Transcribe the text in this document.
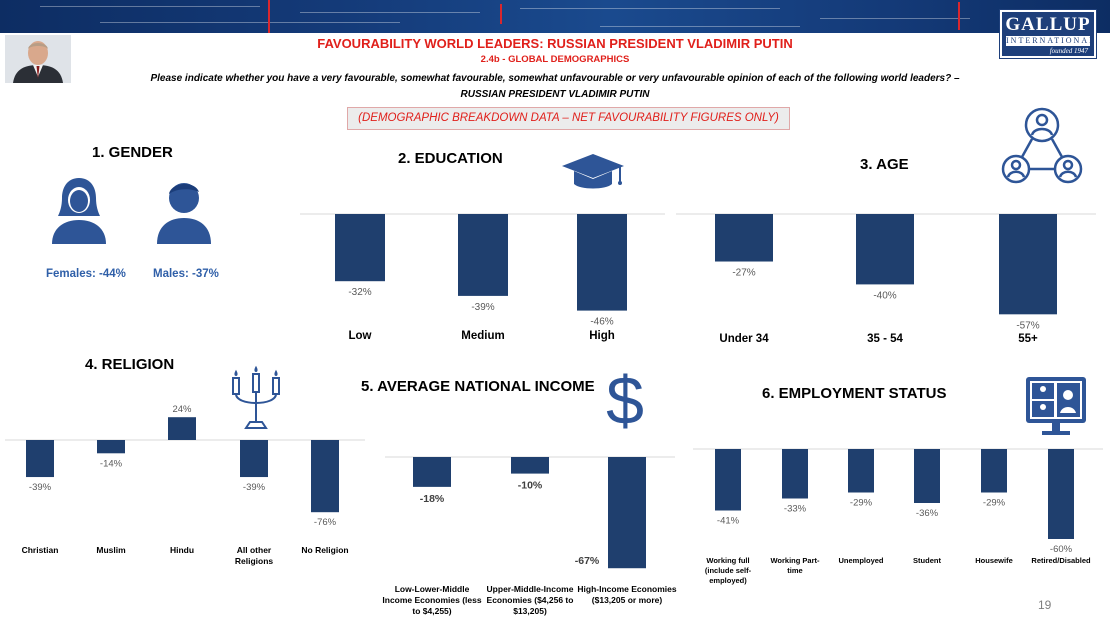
GALLUP
INTERNATIONAL
founded 1947
FAVOURABILITY WORLD LEADERS: RUSSIAN PRESIDENT VLADIMIR PUTIN
2.4b - GLOBAL DEMOGRAPHICS
Please indicate whether you have a very favourable, somewhat favourable, somewhat unfavourable or very unfavourable opinion of each of the following world leaders? –
RUSSIAN PRESIDENT VLADIMIR PUTIN
(DEMOGRAPHIC BREAKDOWN DATA – NET FAVOURABILITY FIGURES ONLY)
1. GENDER	2. EDUCATION	3. AGE
4. RELIGION
5. AVERAGE NATIONAL INCOME	6. EMPLOYMENT STATUS
Females: -44% Males: -37%
$
-32%
-39%
-46%
-27%
-40%
-57%
-39%
-14%
24%
-39%
-76%
-18%
-10%
-67%
-41%
-33%
-29%
-36%
-29%
-60%
Low	Medium	High	Under 34	35 - 54	55+
Christian	Muslim	Hindu	All other Religions
No Religion
Low-Lower-Middle Income Economies (less to $4,255)
Upper-Middle-Income Economies ($4,256 to $13,205)
High-Income Economies ($13,205 or more)
Working full (include self-employed)
Working Part-time
Unemployed	Student	Housewife	Retired/Disabled
19
